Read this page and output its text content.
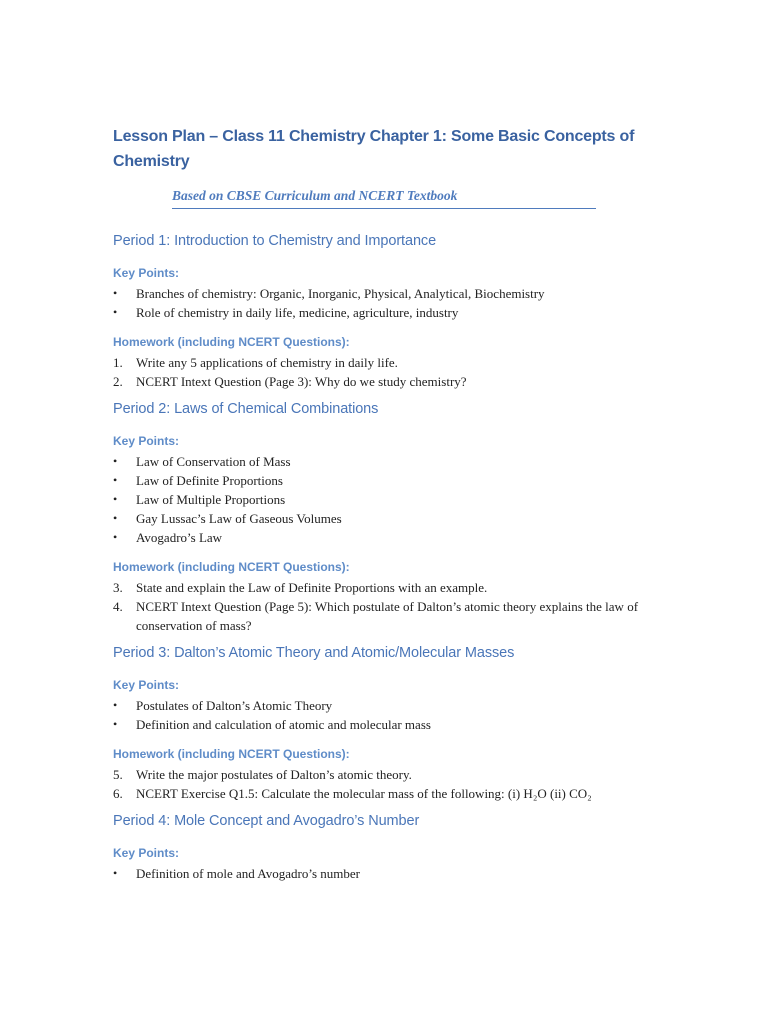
Lesson Plan – Class 11 Chemistry Chapter 1: Some Basic Concepts of Chemistry
Based on CBSE Curriculum and NCERT Textbook
Period 1: Introduction to Chemistry and Importance

Key Points:

• Branches of chemistry: Organic, Inorganic, Physical, Analytical, Biochemistry
• Role of chemistry in daily life, medicine, agriculture, industry

Homework (including NCERT Questions):

1. Write any 5 applications of chemistry in daily life.
2. NCERT Intext Question (Page 3): Why do we study chemistry?
Period 2: Laws of Chemical Combinations

Key Points:

• Law of Conservation of Mass
• Law of Definite Proportions
• Law of Multiple Proportions
• Gay Lussac’s Law of Gaseous Volumes
• Avogadro’s Law

Homework (including NCERT Questions):

3. State and explain the Law of Definite Proportions with an example.
4. NCERT Intext Question (Page 5): Which postulate of Dalton’s atomic theory explains the law of conservation of mass?
Period 3: Dalton’s Atomic Theory and Atomic/Molecular Masses

Key Points:

• Postulates of Dalton’s Atomic Theory
• Definition and calculation of atomic and molecular mass

Homework (including NCERT Questions):

5. Write the major postulates of Dalton’s atomic theory.
6. NCERT Exercise Q1.5: Calculate the molecular mass of the following: (i) H₂O (ii) CO₂
Period 4: Mole Concept and Avogadro’s Number

Key Points:

• Definition of mole and Avogadro’s number
